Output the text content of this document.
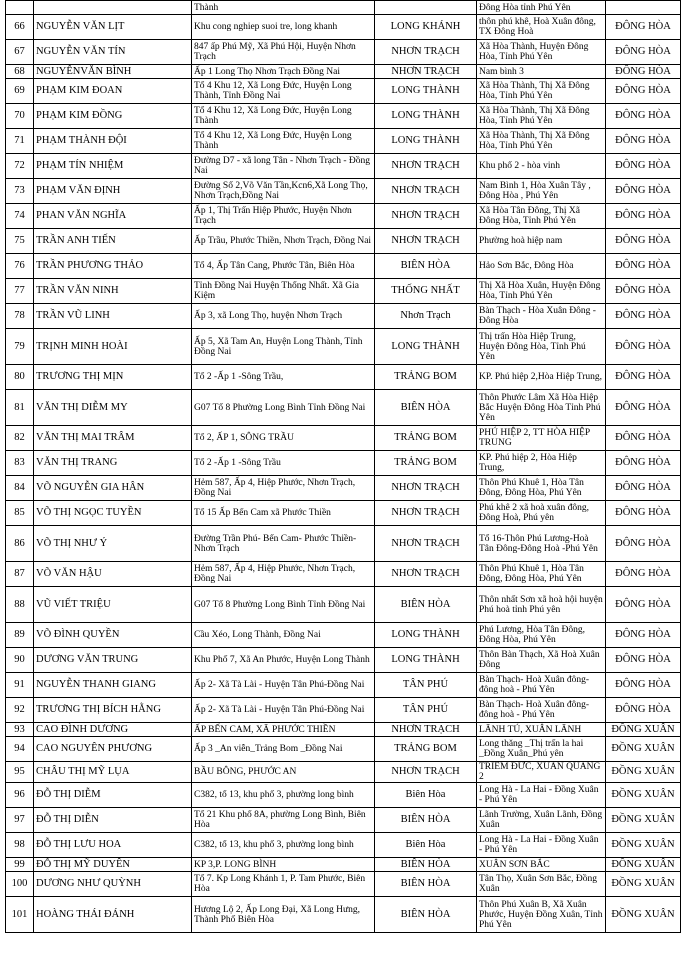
		Thành		Đông Hòa tỉnh Phú Yên	
66	NGUYỄN VĂN LỊT	Khu cong nghiep suoi tre, long khanh	LONG KHÁNH	thôn phú khê, Hoà Xuân đông, TX Đông Hoà	ĐÔNG HÒA
67	NGUYỄN VĂN TÍN	847 ấp Phú Mỹ, Xã Phú Hội, Huyện Nhơn Trạch	NHƠN TRẠCH	Xã Hòa Thành, Huyện Đông Hòa, Tỉnh Phú Yên	ĐÔNG HÒA
68	NGUYỄNVĂN BÌNH	Ấp 1 Long Thọ Nhơn Trạch Đồng Nai	NHƠN TRẠCH	Nam bình 3	ĐÔNG HÒA
69	PHẠM KIM ĐOAN	Tổ 4 Khu 12, Xã Long Đức, Huyện Long Thành, Tỉnh Đồng Nai	LONG THÀNH	Xã Hòa Thành, Thị Xã Đông Hòa, Tỉnh Phú Yên	ĐÔNG HÒA
70	PHẠM KIM ĐỒNG	Tổ 4 Khu 12, Xã Long Đức, Huyện Long Thành	LONG THÀNH	Xã Hòa Thành, Thị Xã Đông Hòa, Tỉnh Phú Yên	ĐÔNG HÒA
71	PHẠM THÀNH ĐỘI	Tổ 4 Khu 12, Xã Long Đức, Huyện Long Thành	LONG THÀNH	Xã Hòa Thành, Thị Xã Đông Hòa, Tỉnh Phú Yên	ĐÔNG HÒA
72	PHẠM TÍN NHIỆM	Đường D7 - xã long Tân - Nhơn Trạch - Đồng Nai	NHƠN TRẠCH	Khu phố 2 - hòa vinh	ĐÔNG HÒA
73	PHẠM VĂN ĐỊNH	Đường Số 2,Võ Văn Tần,Kcn6,Xã Long Thọ, Nhơn Trạch,Đồng Nai	NHƠN TRẠCH	Nam Bình 1, Hòa Xuân Tây , Đông Hòa , Phú Yên	ĐÔNG HÒA
74	PHAN VĂN NGHĨA	Ấp 1, Thị Trấn Hiệp Phước, Huyện Nhơn Trạch	NHƠN TRẠCH	Xã Hòa Tân Đông, Thị Xã Đông Hòa, Tỉnh Phú Yên	ĐÔNG HÒA
75	TRẦN ANH TIẾN	Ấp Trầu, Phước Thiền, Nhơn Trạch, Đồng Nai	NHƠN TRẠCH	Phường hoà hiệp nam	ĐÔNG HÒA
76	TRẦN PHƯƠNG THẢO	Tổ 4, Ấp Tân Cang, Phước Tân, Biên Hòa	BIÊN HÒA	Hảo Sơn Bắc, Đông Hòa	ĐÔNG HÒA
77	TRẦN VĂN NINH	Tỉnh Đồng Nai Huyện Thống Nhất. Xã Gia Kiệm	THỐNG NHẤT	Thị Xã Hòa Xuân, Huyện Đông Hòa, Tỉnh Phú Yên	ĐÔNG HÒA
78	TRẦN VŨ LINH	Ấp 3, xã Long Thọ, huyện Nhơn Trạch	Nhơn Trạch	Bàn Thạch - Hòa Xuân Đông - Đông Hòa	ĐÔNG HÒA
79	TRỊNH MINH HOÀI	Ấp 5, Xã Tam An, Huyện Long Thành, Tỉnh Đồng Nai	LONG THÀNH	Thị trấn Hòa Hiệp Trung, Huyện Đông Hòa, Tỉnh Phú Yên	ĐÔNG HÒA
80	TRƯƠNG THỊ MỊN	Tổ 2 -Ấp 1 -Sông Trầu,	TRẢNG BOM	KP. Phú hiệp 2,Hòa Hiệp Trung,	ĐÔNG HÒA
81	VĂN THỊ DIỄM MY	G07 Tổ 8 Phường Long Bình Tỉnh Đồng Nai	BIÊN HÒA	Thôn Phước Lâm Xã Hòa Hiệp Bắc Huyện Đông Hòa Tỉnh Phú Yên	ĐÔNG HÒA
82	VĂN THỊ MAI TRÂM	Tổ 2, ẤP 1, SÔNG TRẦU	TRẢNG BOM	PHÚ HIỆP 2, TT HÒA HIỆP TRUNG	ĐÔNG HÒA
83	VĂN THỊ TRANG	Tổ 2 -Ấp 1 -Sông Trầu	TRẢNG BOM	KP. Phú hiệp 2, Hòa Hiệp Trung,	ĐÔNG HÒA
84	VÕ NGUYỄN GIA HÂN	Hẻm 587, Ấp 4, Hiệp Phước, Nhơn Trạch, Đồng Nai	NHƠN TRẠCH	Thôn Phú Khuê 1, Hòa Tân Đông, Đông Hòa, Phú Yên	ĐÔNG HÒA
85	VÕ THỊ NGỌC TUYỀN	Tổ 15 Ấp Bến Cam xã Phước Thiền	NHƠN TRẠCH	Phú khê 2 xã hoà xuân đông, Đông Hoà, Phú yên	ĐÔNG HÒA
86	VÕ THỊ NHƯ Ý	Đường Trần Phú- Bến Cam- Phước Thiền-Nhơn Trạch	NHƠN TRẠCH	Tổ 16-Thôn Phú Lương-Hoà Tân Đông-Đông Hoà -Phú Yên	ĐÔNG HÒA
87	VÕ VĂN HẬU	Hẻm 587, Ấp 4, Hiệp Phước, Nhơn Trạch, Đồng Nai	NHƠN TRẠCH	Thôn Phú Khuê 1, Hòa Tân Đông, Đông Hòa, Phú Yên	ĐÔNG HÒA
88	VŨ VIẾT TRIỆU	G07 Tổ 8 Phường Long Bình Tỉnh Đồng Nai	BIÊN HÒA	Thôn nhất Sơn xã hoà hội huyện Phú hoà tỉnh Phú yên	ĐÔNG HÒA
89	VÕ ĐÌNH QUYỀN	Cầu Xéo, Long Thành, Đồng Nai	LONG THÀNH	Phú Lương, Hòa Tân Đông, Đông Hòa, Phú Yên	ĐÔNG HÒA
90	DƯƠNG VĂN TRUNG	Khu Phố 7, Xã An Phước, Huyện Long Thành	LONG THÀNH	Thôn Bàn Thạch, Xã Hoà Xuân Đông	ĐÔNG HÒA
91	NGUYỄN THANH GIANG	Ấp 2- Xã Tà Lài - Huyện Tân Phú-Đồng Nai	TÂN PHÚ	Bàn Thạch- Hoà Xuân đông- đông hoà - Phú Yên	ĐÔNG HÒA
92	TRƯƠNG THỊ BÍCH HẰNG	Ấp 2- Xã Tà Lài - Huyện Tân Phú-Đồng Nai	TÂN PHÚ	Bàn Thạch- Hoà Xuân đông- đông hoà - Phú Yên	ĐÔNG HÒA
93	CAO ĐÌNH DƯƠNG	ẤP BẾN CAM, XÃ PHƯỚC THIỀN	NHƠN TRẠCH	LÃNH TÚ, XUÂN LÃNH	ĐỒNG XUÂN
94	CAO NGUYÊN PHƯƠNG	Ấp 3 _An viễn_Trảng Bom _Đồng Nai	TRẢNG BOM	Long thăng _Thị trấn la hai _Đồng Xuân_Phú yên	ĐỒNG XUÂN
95	CHÂU THỊ MỸ LỤA	BẦU BÔNG, PHƯỚC AN	NHƠN TRẠCH	TRIÊM ĐỨC, XUÂN QUANG 2	ĐỒNG XUÂN
96	ĐỖ THỊ DIỄM	C382, tổ 13, khu phố 3, phường long bình	Biên Hòa	Long Hà - La Hai - Đồng Xuân - Phú Yên	ĐỒNG XUÂN
97	ĐỖ THỊ DIỄN	Tổ 21 Khu phố 8A, phường Long Bình, Biên Hòa	BIÊN HÒA	Lãnh Trường, Xuân Lãnh, Đồng Xuân	ĐỒNG XUÂN
98	ĐỖ THỊ LƯU HOA	C382, tổ 13, khu phố 3, phường long bình	Biên Hòa	Long Hà - La Hai - Đồng Xuân - Phú Yên	ĐỒNG XUÂN
99	ĐỖ THỊ MỸ DUYÊN	KP 3,P. LONG BÌNH	BIÊN HÒA	XUÂN SƠN BẮC	ĐỒNG XUÂN
100	DƯƠNG NHƯ QUỲNH	Tổ 7. Kp Long Khánh 1, P. Tam Phước, Biên Hòa	BIÊN HÒA	Tân Thọ, Xuân Sơn Bắc, Đồng Xuân	ĐỒNG XUÂN
101	HOÀNG THÁI ĐÁNH	Hương Lộ 2, Ấp Long Đại, Xã Long Hưng, Thành Phố Biên Hòa	BIÊN HÒA	Thôn Phú Xuân B, Xã Xuân Phước, Huyện Đồng Xuân, Tỉnh Phú Yên	ĐỒNG XUÂN
